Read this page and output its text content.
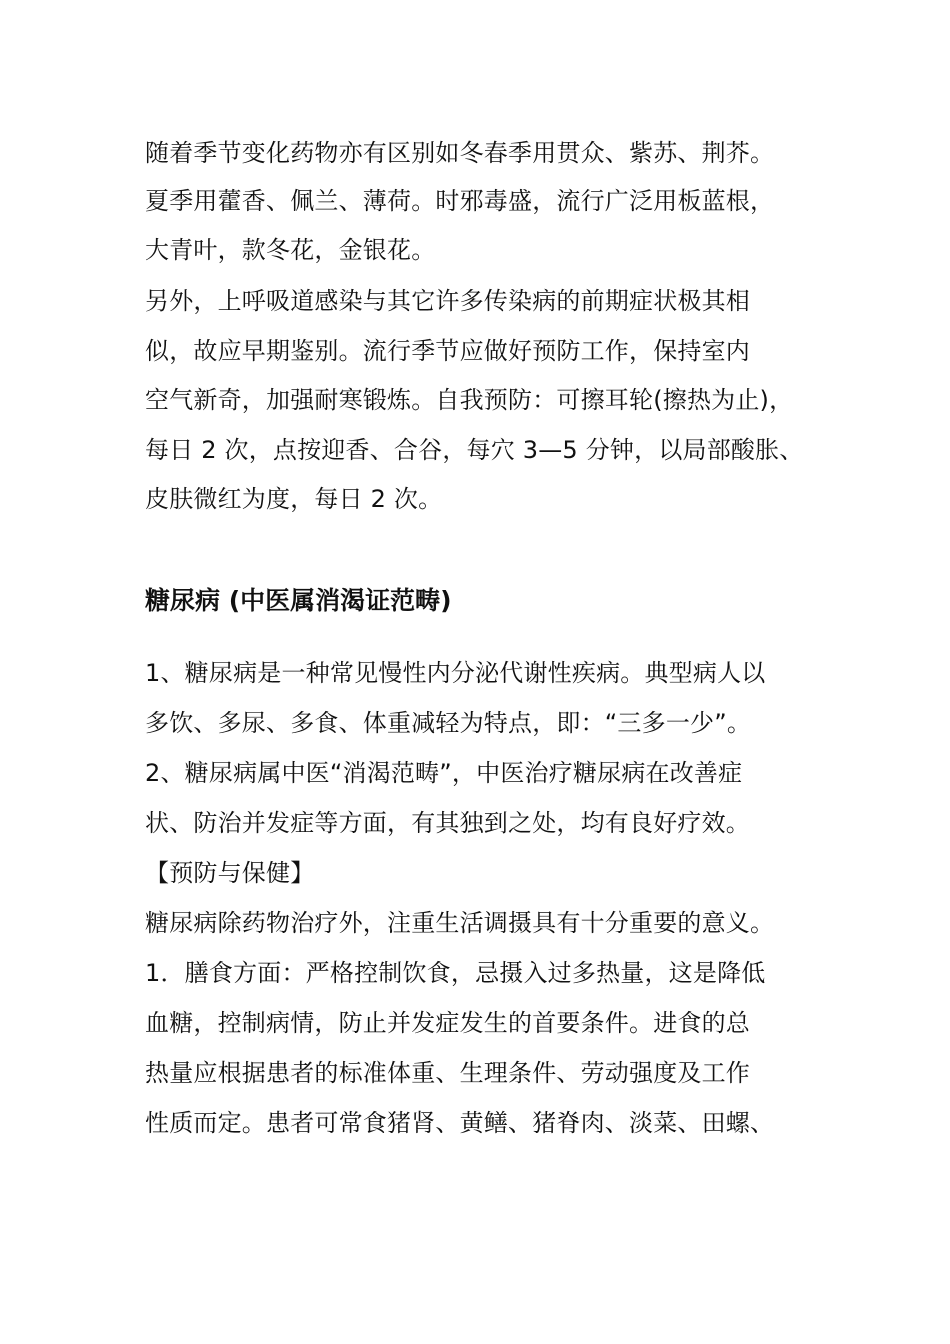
随着季节变化药物亦有区别如冬春季用贯众、紫苏、荆芥。
夏季用藿香、佩兰、薄荷。时邪毒盛，流行广泛用板蓝根，
大青叶，款冬花，金银花。
另外，上呼吸道感染与其它许多传染病的前期症状极其相
似，故应早期鉴别。流行季节应做好预防工作，保持室内
空气新奇，加强耐寒锻炼。自我预防：可擦耳轮(擦热为止)，
每日 2 次，点按迎香、合谷，每穴 3—5 分钟，以局部酸胀、
皮肤微红为度，每日 2 次。
糖尿病 (中医属消渴证范畴)
1、糖尿病是一种常见慢性内分泌代谢性疾病。典型病人以
多饮、多尿、多食、体重减轻为特点，即：“三多一少”。
2、糖尿病属中医“消渴范畴”，中医治疗糖尿病在改善症
状、防治并发症等方面，有其独到之处，均有良好疗效。
【预防与保健】
糖尿病除药物治疗外，注重生活调摄具有十分重要的意义。
1．膳食方面：严格控制饮食，忌摄入过多热量，这是降低
血糖，控制病情，防止并发症发生的首要条件。进食的总
热量应根据患者的标准体重、生理条件、劳动强度及工作
性质而定。患者可常食猪肾、黄鳝、猪脊肉、淡菜、田螺、
